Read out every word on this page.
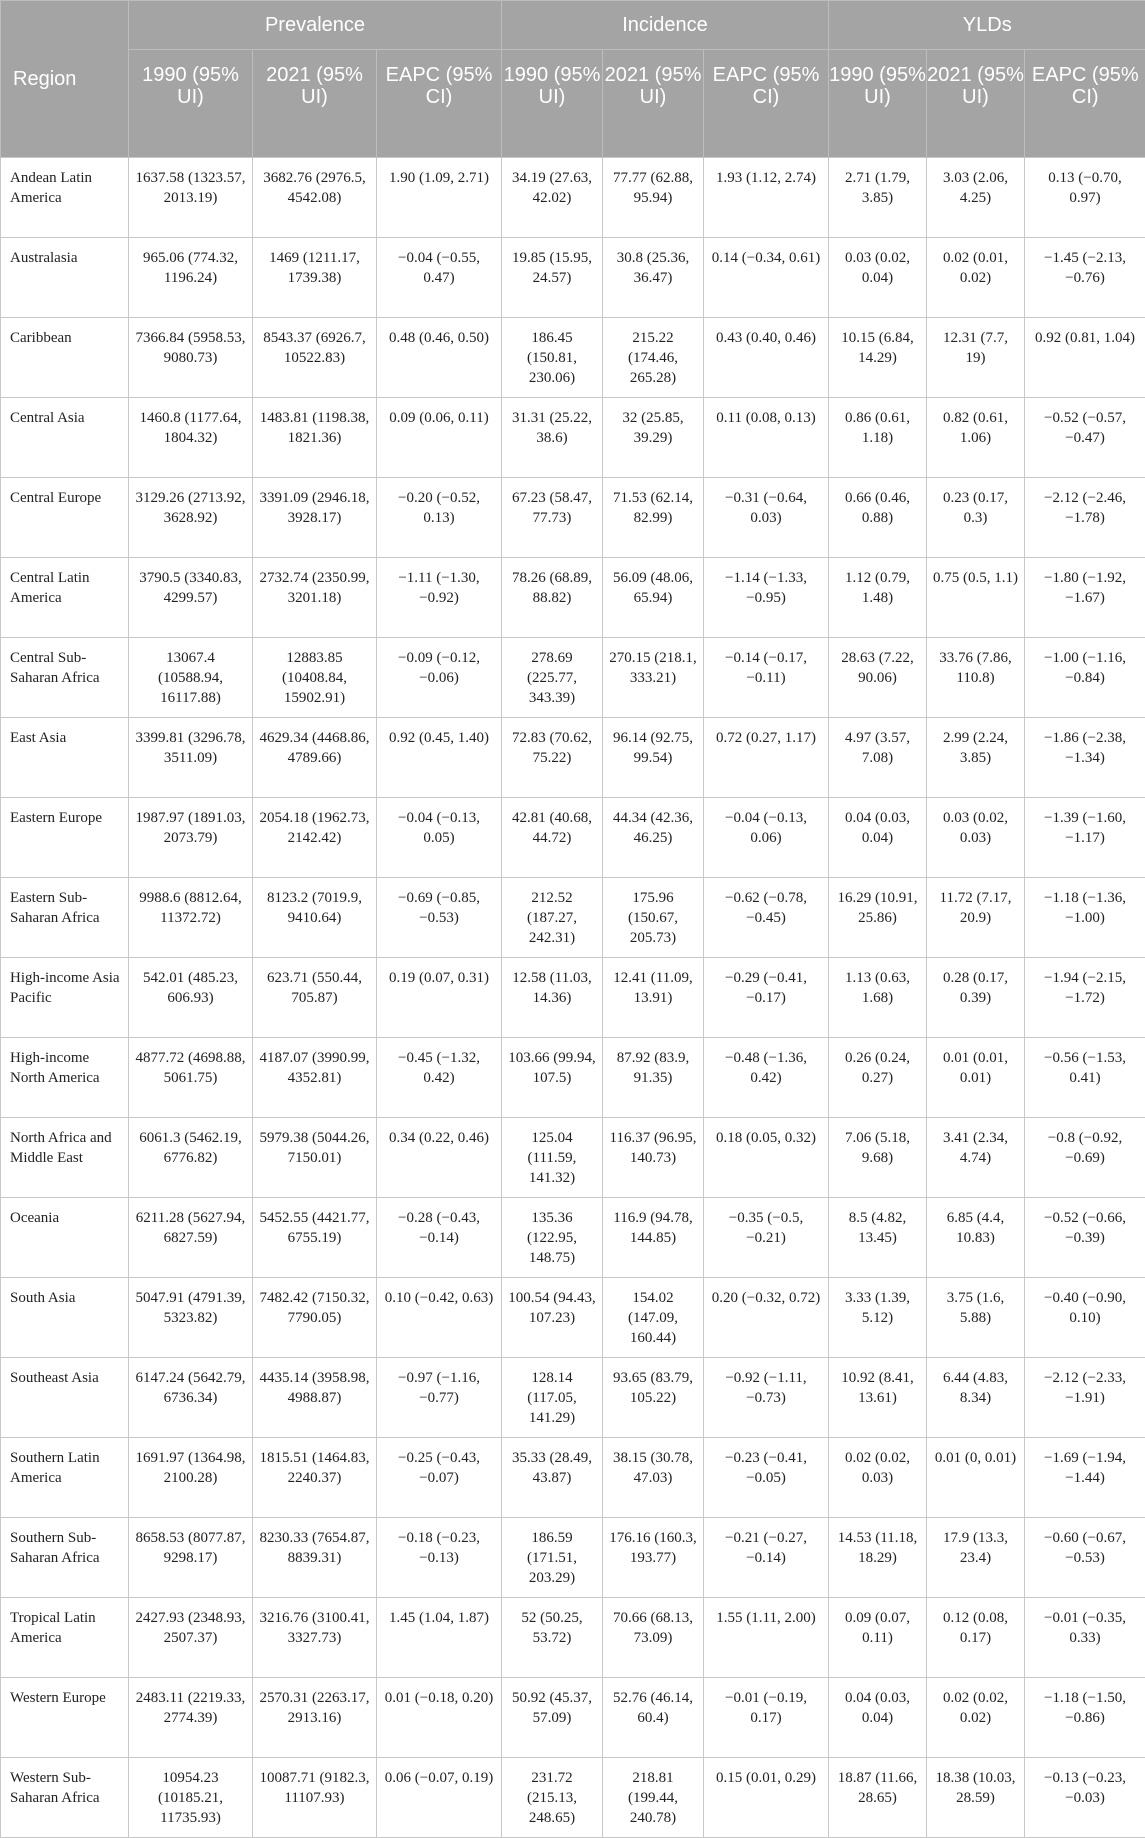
Region	Prevalence			Incidence			YLDs		
	1990 (95% UI)	2021 (95% UI)	EAPC (95% CI)	1990 (95% UI)	2021 (95% UI)	EAPC (95% CI)	1990 (95% UI)	2021 (95% UI)	EAPC (95% CI)
Andean Latin America	1637.58 (1323.57, 2013.19)	3682.76 (2976.5, 4542.08)	1.90 (1.09, 2.71)	34.19 (27.63, 42.02)	77.77 (62.88, 95.94)	1.93 (1.12, 2.74)	2.71 (1.79, 3.85)	3.03 (2.06, 4.25)	0.13 (−0.70, 0.97)
Australasia	965.06 (774.32, 1196.24)	1469 (1211.17, 1739.38)	−0.04 (−0.55, 0.47)	19.85 (15.95, 24.57)	30.8 (25.36, 36.47)	0.14 (−0.34, 0.61)	0.03 (0.02, 0.04)	0.02 (0.01, 0.02)	−1.45 (−2.13, −0.76)
Caribbean	7366.84 (5958.53, 9080.73)	8543.37 (6926.7, 10522.83)	0.48 (0.46, 0.50)	186.45 (150.81, 230.06)	215.22 (174.46, 265.28)	0.43 (0.40, 0.46)	10.15 (6.84, 14.29)	12.31 (7.7, 19)	0.92 (0.81, 1.04)
Central Asia	1460.8 (1177.64, 1804.32)	1483.81 (1198.38, 1821.36)	0.09 (0.06, 0.11)	31.31 (25.22, 38.6)	32 (25.85, 39.29)	0.11 (0.08, 0.13)	0.86 (0.61, 1.18)	0.82 (0.61, 1.06)	−0.52 (−0.57, −0.47)
Central Europe	3129.26 (2713.92, 3628.92)	3391.09 (2946.18, 3928.17)	−0.20 (−0.52, 0.13)	67.23 (58.47, 77.73)	71.53 (62.14, 82.99)	−0.31 (−0.64, 0.03)	0.66 (0.46, 0.88)	0.23 (0.17, 0.3)	−2.12 (−2.46, −1.78)
Central Latin America	3790.5 (3340.83, 4299.57)	2732.74 (2350.99, 3201.18)	−1.11 (−1.30, −0.92)	78.26 (68.89, 88.82)	56.09 (48.06, 65.94)	−1.14 (−1.33, −0.95)	1.12 (0.79, 1.48)	0.75 (0.5, 1.1)	−1.80 (−1.92, −1.67)
Central Sub-Saharan Africa	13067.4 (10588.94, 16117.88)	12883.85 (10408.84, 15902.91)	−0.09 (−0.12, −0.06)	278.69 (225.77, 343.39)	270.15 (218.1, 333.21)	−0.14 (−0.17, −0.11)	28.63 (7.22, 90.06)	33.76 (7.86, 110.8)	−1.00 (−1.16, −0.84)
East Asia	3399.81 (3296.78, 3511.09)	4629.34 (4468.86, 4789.66)	0.92 (0.45, 1.40)	72.83 (70.62, 75.22)	96.14 (92.75, 99.54)	0.72 (0.27, 1.17)	4.97 (3.57, 7.08)	2.99 (2.24, 3.85)	−1.86 (−2.38, −1.34)
Eastern Europe	1987.97 (1891.03, 2073.79)	2054.18 (1962.73, 2142.42)	−0.04 (−0.13, 0.05)	42.81 (40.68, 44.72)	44.34 (42.36, 46.25)	−0.04 (−0.13, 0.06)	0.04 (0.03, 0.04)	0.03 (0.02, 0.03)	−1.39 (−1.60, −1.17)
Eastern Sub-Saharan Africa	9988.6 (8812.64, 11372.72)	8123.2 (7019.9, 9410.64)	−0.69 (−0.85, −0.53)	212.52 (187.27, 242.31)	175.96 (150.67, 205.73)	−0.62 (−0.78, −0.45)	16.29 (10.91, 25.86)	11.72 (7.17, 20.9)	−1.18 (−1.36, −1.00)
High-income Asia Pacific	542.01 (485.23, 606.93)	623.71 (550.44, 705.87)	0.19 (0.07, 0.31)	12.58 (11.03, 14.36)	12.41 (11.09, 13.91)	−0.29 (−0.41, −0.17)	1.13 (0.63, 1.68)	0.28 (0.17, 0.39)	−1.94 (−2.15, −1.72)
High-income North America	4877.72 (4698.88, 5061.75)	4187.07 (3990.99, 4352.81)	−0.45 (−1.32, 0.42)	103.66 (99.94, 107.5)	87.92 (83.9, 91.35)	−0.48 (−1.36, 0.42)	0.26 (0.24, 0.27)	0.01 (0.01, 0.01)	−0.56 (−1.53, 0.41)
North Africa and Middle East	6061.3 (5462.19, 6776.82)	5979.38 (5044.26, 7150.01)	0.34 (0.22, 0.46)	125.04 (111.59, 141.32)	116.37 (96.95, 140.73)	0.18 (0.05, 0.32)	7.06 (5.18, 9.68)	3.41 (2.34, 4.74)	−0.8 (−0.92, −0.69)
Oceania	6211.28 (5627.94, 6827.59)	5452.55 (4421.77, 6755.19)	−0.28 (−0.43, −0.14)	135.36 (122.95, 148.75)	116.9 (94.78, 144.85)	−0.35 (−0.5, −0.21)	8.5 (4.82, 13.45)	6.85 (4.4, 10.83)	−0.52 (−0.66, −0.39)
South Asia	5047.91 (4791.39, 5323.82)	7482.42 (7150.32, 7790.05)	0.10 (−0.42, 0.63)	100.54 (94.43, 107.23)	154.02 (147.09, 160.44)	0.20 (−0.32, 0.72)	3.33 (1.39, 5.12)	3.75 (1.6, 5.88)	−0.40 (−0.90, 0.10)
Southeast Asia	6147.24 (5642.79, 6736.34)	4435.14 (3958.98, 4988.87)	−0.97 (−1.16, −0.77)	128.14 (117.05, 141.29)	93.65 (83.79, 105.22)	−0.92 (−1.11, −0.73)	10.92 (8.41, 13.61)	6.44 (4.83, 8.34)	−2.12 (−2.33, −1.91)
Southern Latin America	1691.97 (1364.98, 2100.28)	1815.51 (1464.83, 2240.37)	−0.25 (−0.43, −0.07)	35.33 (28.49, 43.87)	38.15 (30.78, 47.03)	−0.23 (−0.41, −0.05)	0.02 (0.02, 0.03)	0.01 (0, 0.01)	−1.69 (−1.94, −1.44)
Southern Sub-Saharan Africa	8658.53 (8077.87, 9298.17)	8230.33 (7654.87, 8839.31)	−0.18 (−0.23, −0.13)	186.59 (171.51, 203.29)	176.16 (160.3, 193.77)	−0.21 (−0.27, −0.14)	14.53 (11.18, 18.29)	17.9 (13.3, 23.4)	−0.60 (−0.67, −0.53)
Tropical Latin America	2427.93 (2348.93, 2507.37)	3216.76 (3100.41, 3327.73)	1.45 (1.04, 1.87)	52 (50.25, 53.72)	70.66 (68.13, 73.09)	1.55 (1.11, 2.00)	0.09 (0.07, 0.11)	0.12 (0.08, 0.17)	−0.01 (−0.35, 0.33)
Western Europe	2483.11 (2219.33, 2774.39)	2570.31 (2263.17, 2913.16)	0.01 (−0.18, 0.20)	50.92 (45.37, 57.09)	52.76 (46.14, 60.4)	−0.01 (−0.19, 0.17)	0.04 (0.03, 0.04)	0.02 (0.02, 0.02)	−1.18 (−1.50, −0.86)
Western Sub-Saharan Africa	10954.23 (10185.21, 11735.93)	10087.71 (9182.3, 11107.93)	0.06 (−0.07, 0.19)	231.72 (215.13, 248.65)	218.81 (199.44, 240.78)	0.15 (0.01, 0.29)	18.87 (11.66, 28.65)	18.38 (10.03, 28.59)	−0.13 (−0.23, −0.03)
